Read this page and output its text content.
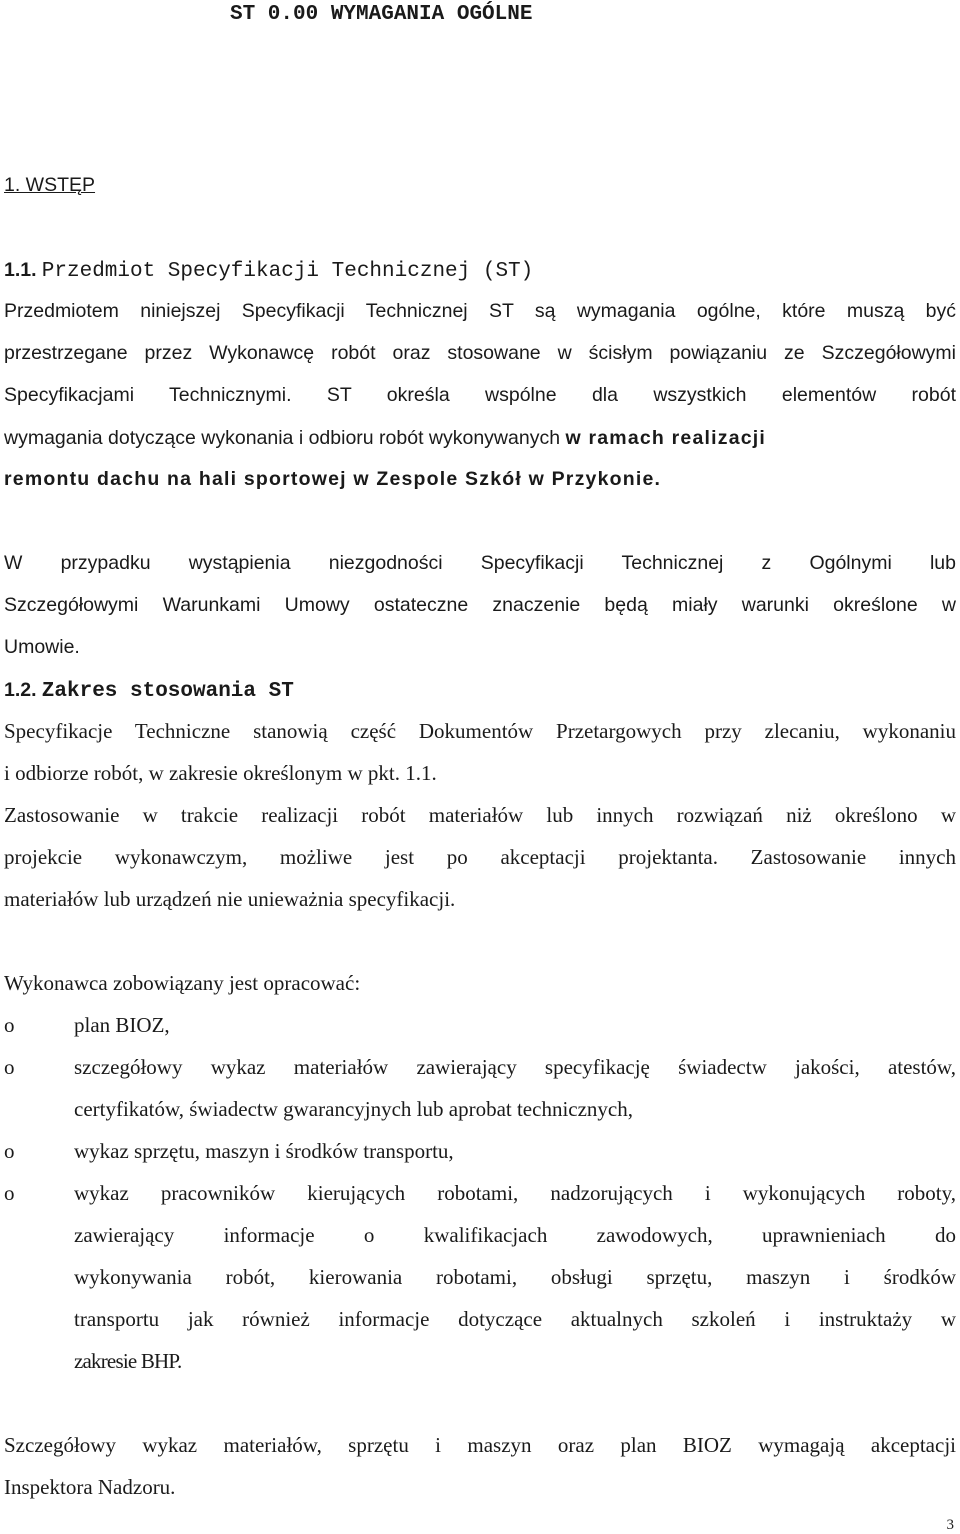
ST 0.00 WYMAGANIA OGÓLNE
1. WSTĘP
1.1. Przedmiot Specyfikacji Technicznej (ST)
Przedmiotem niniejszej Specyfikacji Technicznej ST są wymagania ogólne, które muszą być
przestrzegane przez Wykonawcę robót oraz stosowane w ścisłym powiązaniu ze Szczegółowymi
Specyfikacjami Technicznymi. ST określa wspólne dla wszystkich elementów robót
wymagania dotyczące wykonania i odbioru robót wykonywanych w ramach realizacji
remontu dachu na hali sportowej w Zespole Szkół w Przykonie.
W przypadku wystąpienia niezgodności Specyfikacji Technicznej z Ogólnymi lub
Szczegółowymi Warunkami Umowy ostateczne znaczenie będą miały warunki określone w
Umowie.
1.2. Zakres stosowania ST
Specyfikacje Techniczne stanowią część Dokumentów Przetargowych przy zlecaniu, wykonaniu
i odbiorze robót, w zakresie określonym w pkt. 1.1.
Zastosowanie w trakcie realizacji robót materiałów lub innych rozwiązań niż określono w
projekcie wykonawczym, możliwe jest po akceptacji projektanta. Zastosowanie innych
materiałów lub urządzeń nie unieważnia specyfikacji.
Wykonawca zobowiązany jest opracować:
o	plan BIOZ,
o	szczegółowy wykaz materiałów zawierający specyfikację świadectw jakości, atestów,
certyfikatów, świadectw gwarancyjnych lub aprobat technicznych,
o	wykaz sprzętu, maszyn i środków transportu,
o	wykaz pracowników kierujących robotami, nadzorujących i wykonujących roboty,
zawierający informacje o kwalifikacjach zawodowych, uprawnieniach do
wykonywania robót, kierowania robotami, obsługi sprzętu, maszyn i środków
transportu jak również informacje dotyczące aktualnych szkoleń i instruktaży w
zakresie BHP.
Szczegółowy wykaz materiałów, sprzętu i maszyn oraz plan BIOZ wymagają akceptacji
Inspektora Nadzoru.
3
